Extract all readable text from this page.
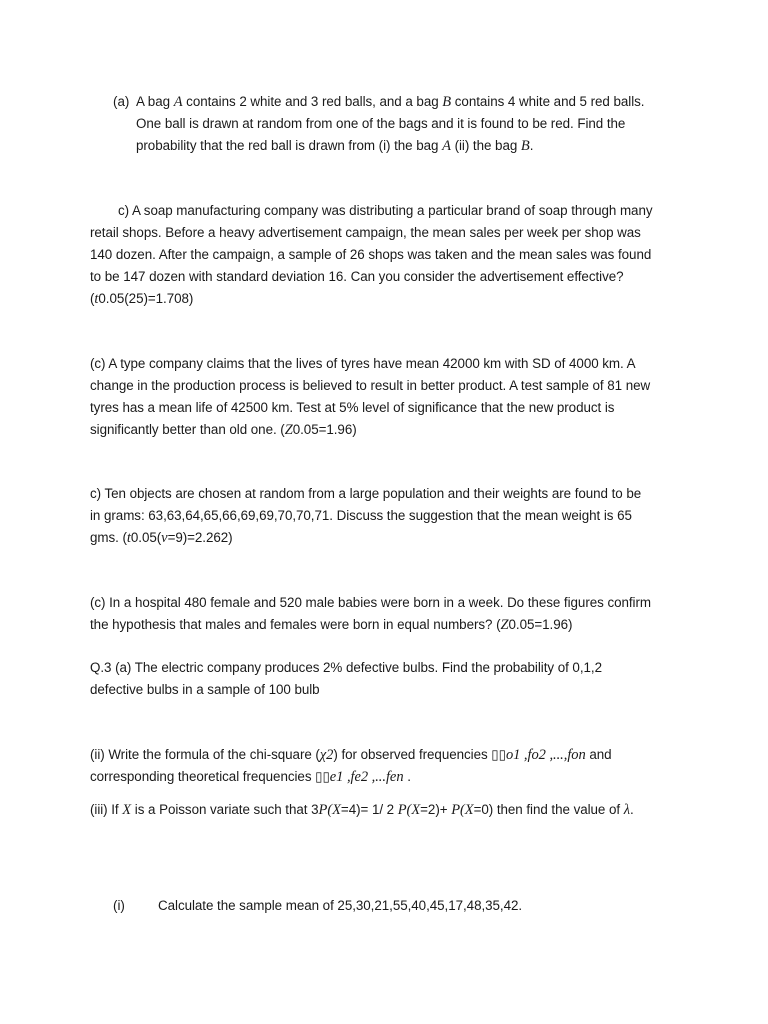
(a) A bag A contains 2 white and 3 red balls, and a bag B contains 4 white and 5 red balls.
One ball is drawn at random from one of the bags and it is found to be red. Find the
probability that the red ball is drawn from (i) the bag A (ii) the bag B.
c) A soap manufacturing company was distributing a particular brand of soap through many
retail shops. Before a heavy advertisement campaign, the mean sales per week per shop was
140 dozen. After the campaign, a sample of 26 shops was taken and the mean sales was found
to be 147 dozen with standard deviation 16. Can you consider the advertisement effective?
(t0.05(25)=1.708)
(c) A type company claims that the lives of tyres have mean 42000 km with SD of 4000 km. A
change in the production process is believed to result in better product. A test sample of 81 new
tyres has a mean life of 42500 km. Test at 5% level of significance that the new product is
significantly better than old one. (Z0.05=1.96)
c) Ten objects are chosen at random from a large population and their weights are found to be
in grams: 63,63,64,65,66,69,69,70,70,71. Discuss the suggestion that the mean weight is 65
gms. (t0.05(v=9)=2.262)
(c) In a hospital 480 female and 520 male babies were born in a week. Do these figures confirm
the hypothesis that males and females were born in equal numbers? (Z0.05=1.96)
Q.3 (a) The electric company produces 2% defective bulbs. Find the probability of 0,1,2
defective bulbs in a sample of 100 bulb
(ii) Write the formula of the chi-square (χ2) for observed frequencies ▯▯o1 ,fo2 ,...,fon and
corresponding theoretical frequencies ▯▯e1 ,fe2 ,...fen .
(iii) If X is a Poisson variate such that 3P(X=4)= 1/ 2 P(X=2)+ P(X=0) then find the value of λ.
(i) Calculate the sample mean of 25,30,21,55,40,45,17,48,35,42.
